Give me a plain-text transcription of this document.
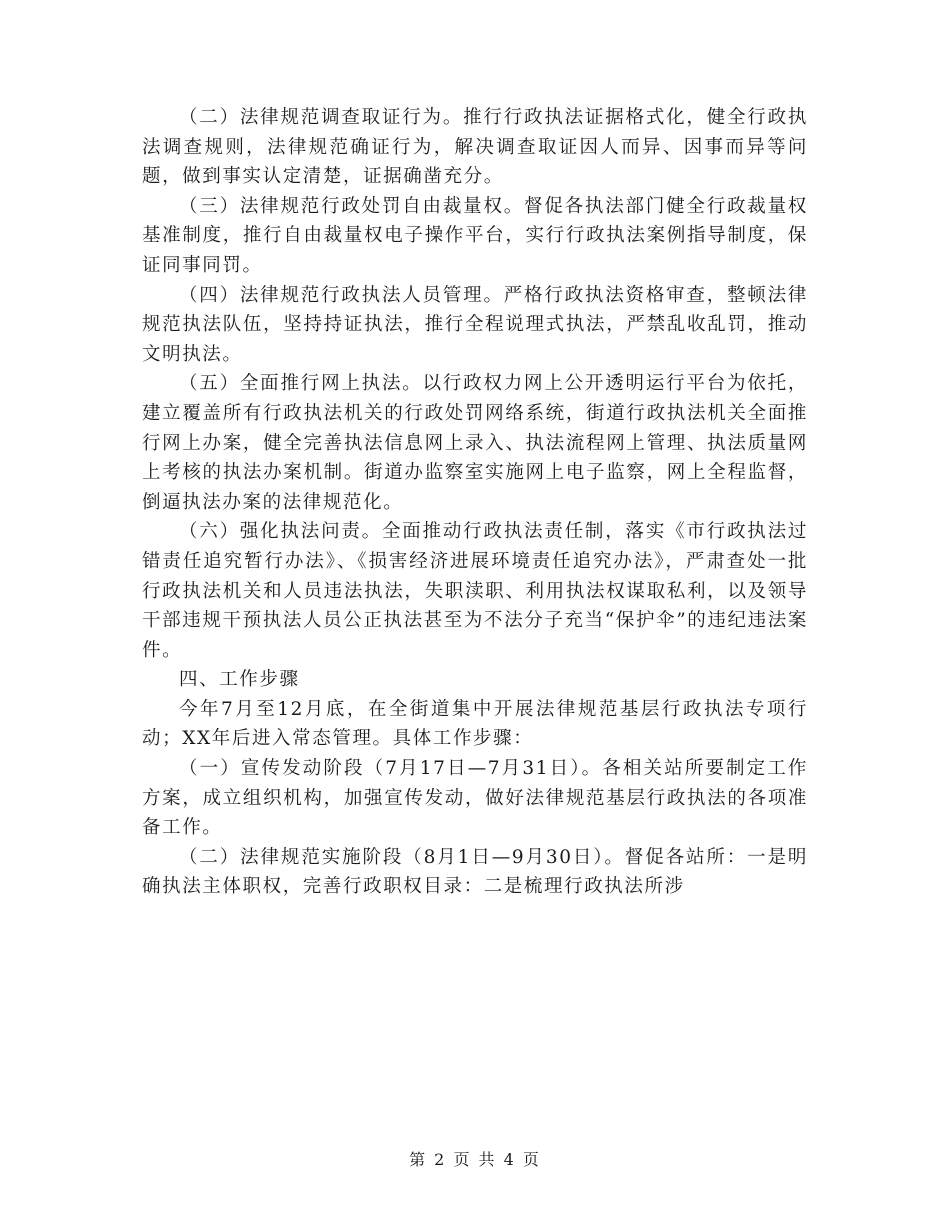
（二）法律规范调查取证行为。推行行政执法证据格式化，健全行政执法调查规则，法律规范确证行为，解决调查取证因人而异、因事而异等问题，做到事实认定清楚，证据确凿充分。

（三）法律规范行政处罚自由裁量权。督促各执法部门健全行政裁量权基准制度，推行自由裁量权电子操作平台，实行行政执法案例指导制度，保证同事同罚。

（四）法律规范行政执法人员管理。严格行政执法资格审查，整顿法律规范执法队伍，坚持持证执法，推行全程说理式执法，严禁乱收乱罚，推动文明执法。

（五）全面推行网上执法。以行政权力网上公开透明运行平台为依托，建立覆盖所有行政执法机关的行政处罚网络系统，街道行政执法机关全面推行网上办案，健全完善执法信息网上录入、执法流程网上管理、执法质量网上考核的执法办案机制。街道办监察室实施网上电子监察，网上全程监督，倒逼执法办案的法律规范化。

（六）强化执法问责。全面推动行政执法责任制，落实《市行政执法过错责任追究暂行办法》、《损害经济进展环境责任追究办法》，严肃查处一批行政执法机关和人员违法执法，失职渎职、利用执法权谋取私利，以及领导干部违规干预执法人员公正执法甚至为不法分子充当“保护伞”的违纪违法案件。

四、工作步骤

今年7月至12月底，在全街道集中开展法律规范基层行政执法专项行动；XX年后进入常态管理。具体工作步骤：

（一）宣传发动阶段（7月17日—7月31日）。各相关站所要制定工作方案，成立组织机构，加强宣传发动，做好法律规范基层行政执法的各项准备工作。

（二）法律规范实施阶段（8月1日—9月30日）。督促各站所：一是明确执法主体职权，完善行政职权目录：二是梳理行政执法所涉

第 2 页 共 4 页
